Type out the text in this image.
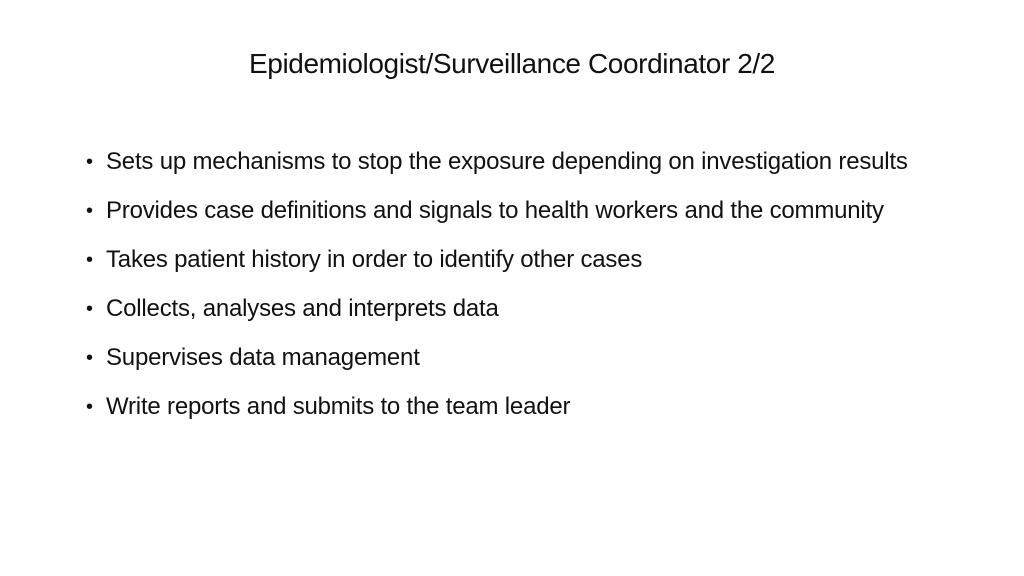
Epidemiologist/Surveillance Coordinator 2/2
• Sets up mechanisms to stop the exposure depending on investigation results
• Provides case definitions and signals to health workers and the community
• Takes patient history in order to identify other cases
• Collects, analyses and interprets data
• Supervises data management
• Write reports and submits to the team leader
